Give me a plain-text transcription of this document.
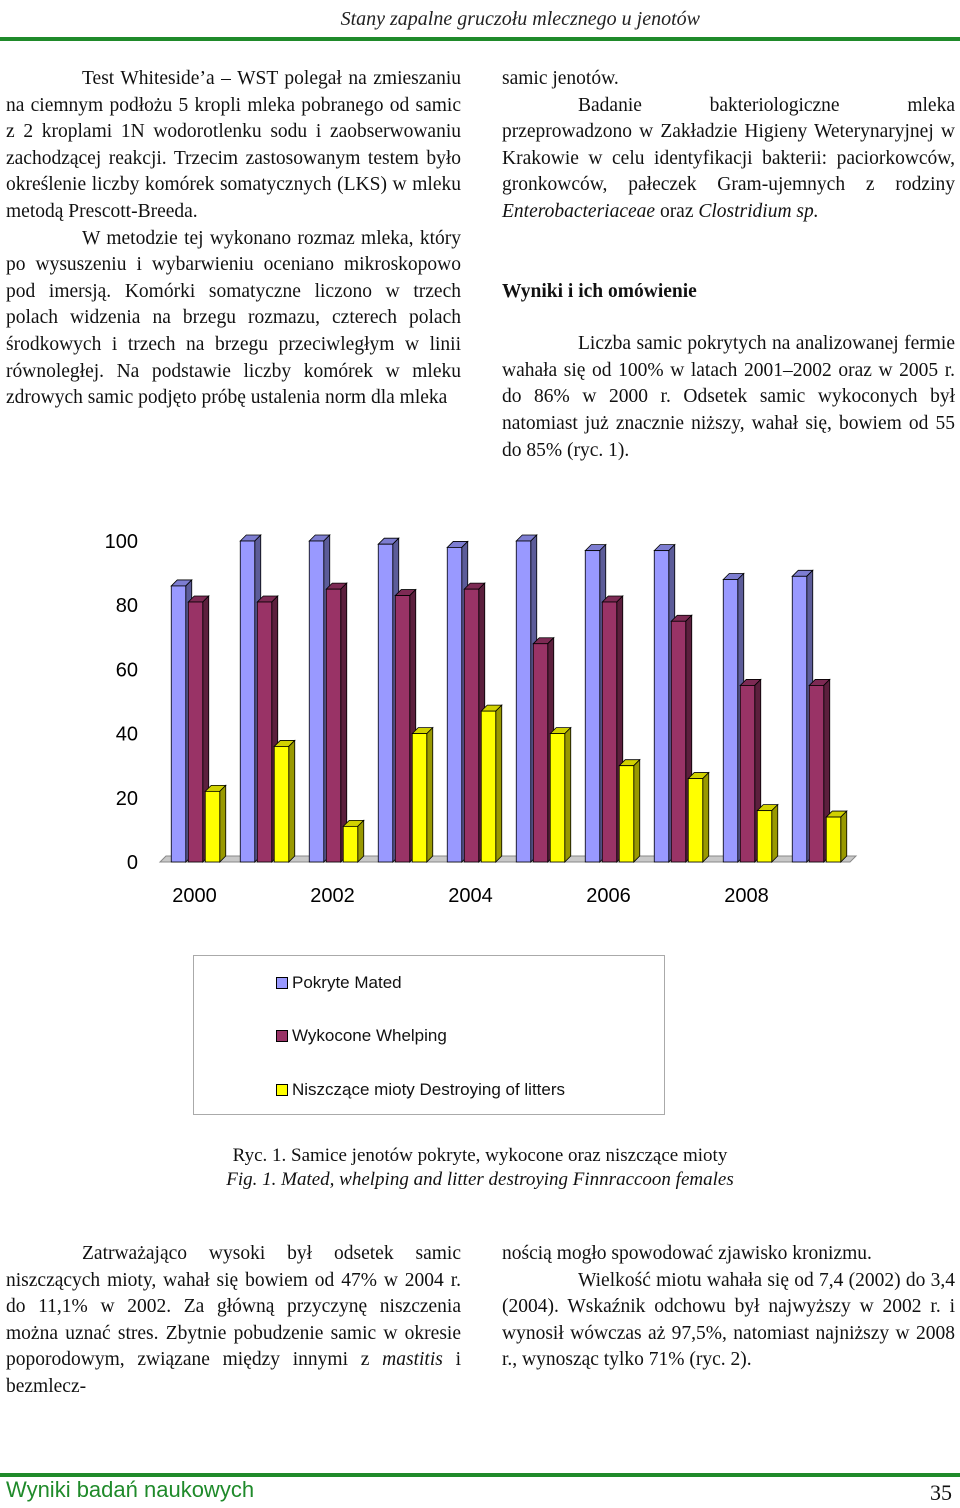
Stany zapalne gruczołu mlecznego u jenotów

Test Whiteside’a – WST polegał na zmieszaniu na ciemnym podłożu 5 kropli mleka pobranego od samic z 2 kroplami 1N wodorotlenku sodu i zaobserwowaniu zachodzącej reakcji. Trzecim zastosowanym testem było określenie liczby komórek somatycznych (LKS) w mleku metodą Prescott-Breeda.

W metodzie tej wykonano rozmaz mleka, który po wysuszeniu i wybarwieniu oceniano mikroskopowo pod imersją. Komórki somatyczne liczono w trzech polach widzenia na brzegu rozmazu, czterech polach środkowych i trzech na brzegu przeciwległym w linii równoległej. Na podstawie liczby komórek w mleku zdrowych samic podjęto próbę ustalenia norm dla mleka

samic jenotów.

Badanie bakteriologiczne mleka przeprowadzono w Zakładzie Higieny Weterynaryjnej w Krakowie w celu identyfikacji bakterii: paciorkowców, gronkowców, pałeczek Gram-ujemnych z rodziny Enterobacteriaceae oraz Clostridium sp.

Wyniki i ich omówienie

Liczba samic pokrytych na analizowanej fermie wahała się od 100% w latach 2001–2002 oraz w 2005 r. do 86% w 2000 r. Odsetek samic wykoconych był natomiast już znacznie niższy, wahał się, bowiem od 55 do 85% (ryc. 1).

0
20
40
60
80
100
2000	2002	2004	2006	2008
Pokryte Mated
Wykocone Whelping
Niszczące mioty Destroying of litters
Ryc. 1. Samice jenotów pokryte, wykocone oraz niszczące mioty
Fig. 1. Mated, whelping and litter destroying Finnraccoon females

Zatrważająco wysoki był odsetek samic niszczących mioty, wahał się bowiem od 47% w 2004 r. do 11,1% w 2002. Za główną przyczynę niszczenia można uznać stres. Zbytnie pobudzenie samic w okresie poporodowym, związane między innymi z mastitis i bezmlecz-

nością mogło spowodować zjawisko kronizmu.

Wielkość miotu wahała się od 7,4 (2002) do 3,4 (2004). Wskaźnik odchowu był najwyższy w 2002 r. i wynosił wówczas aż 97,5%, natomiast najniższy w 2008 r., wynosząc tylko 71% (ryc. 2).

Wyniki badań naukowych	35
